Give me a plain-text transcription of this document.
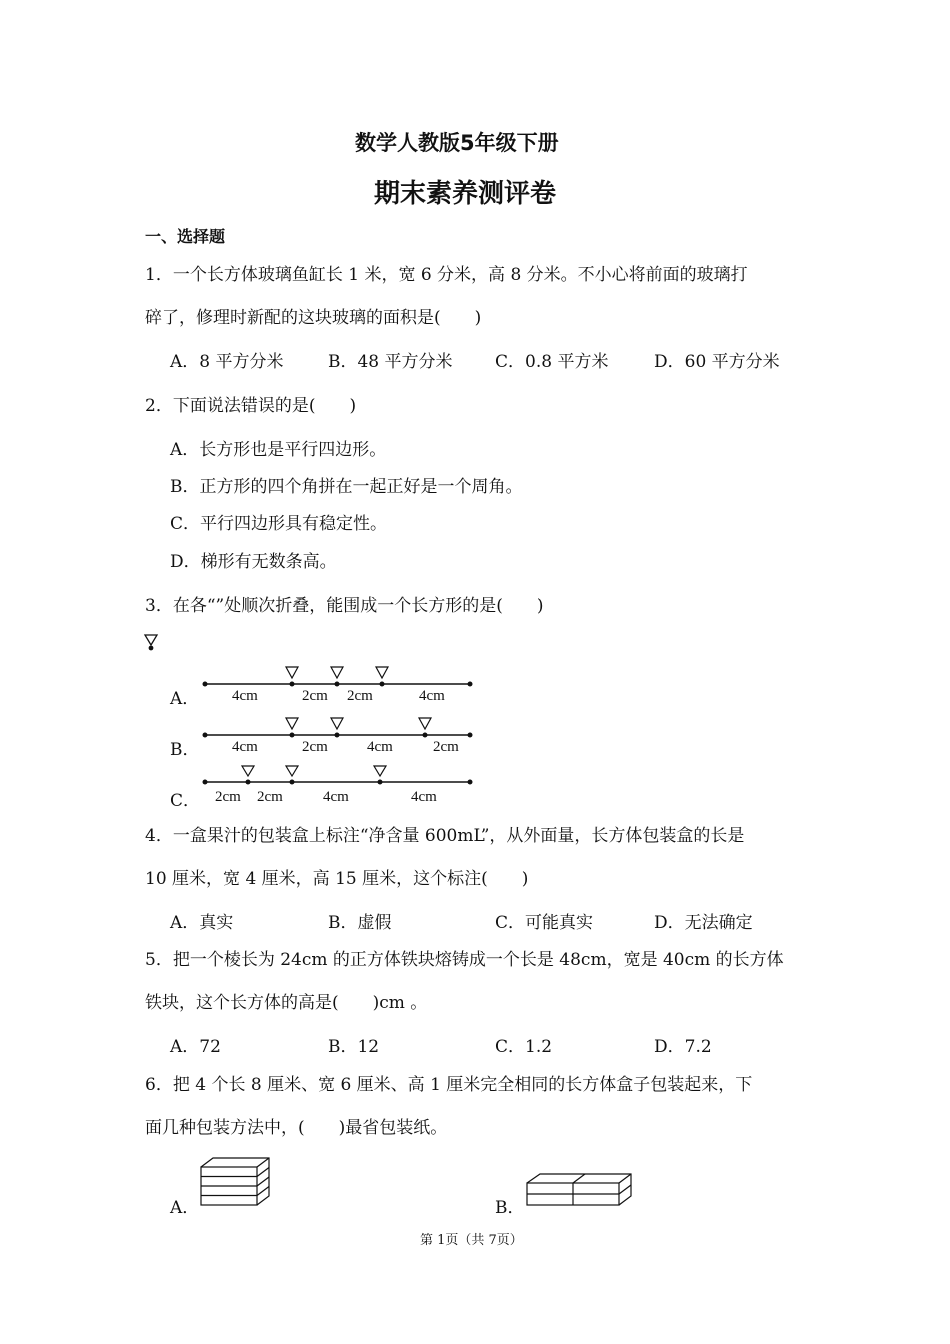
数学人教版5年级下册
期末素养测评卷
一、选择题
1．一个长方体玻璃鱼缸长 1 米，宽 6 分米，高 8 分米。不小心将前面的玻璃打
碎了，修理时新配的这块玻璃的面积是(　　)
A．8 平方分米	B．48 平方分米 C．0.8 平方米	D．60 平方分米
2．下面说法错误的是(　　)
A．长方形也是平行四边形。
B．正方形的四个角拼在一起正好是一个周角。
C．平行四边形具有稳定性。
D．梯形有无数条高。
3．在各“”处顺次折叠，能围成一个长方形的是(　　)
A．
B．
C．
4cm	2cm 2cm	4cm
4cm	2cm	4cm	2cm
2cm 2cm	4cm	4cm
4．一盒果汁的包装盒上标注“净含量 600mL”，从外面量，长方体包装盒的长是
10 厘米，宽 4 厘米，高 15 厘米，这个标注(　　)
A．真实	B．虚假	C．可能真实	D．无法确定
5．把一个棱长为 24cm 的正方体铁块熔铸成一个长是 48cm，宽是 40cm 的长方体
铁块，这个长方体的高是(　　)cm 。
A．72	B．12	C．1.2	D．7.2
6．把 4 个长 8 厘米、宽 6 厘米、高 1 厘米完全相同的长方体盒子包装起来，下
面几种包装方法中，(　　)最省包装纸。
A．	B．
第 1页（共 7页）
